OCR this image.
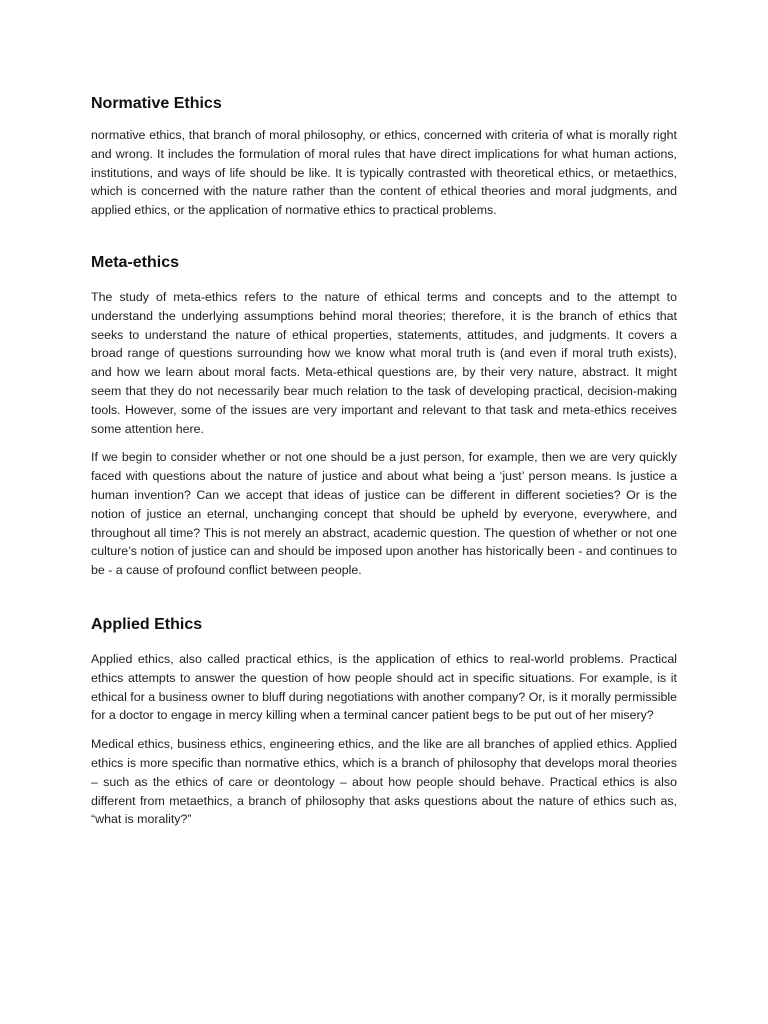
Normative Ethics

normative ethics, that branch of moral philosophy, or ethics, concerned with criteria of what is morally right and wrong. It includes the formulation of moral rules that have direct implications for what human actions, institutions, and ways of life should be like. It is typically contrasted with theoretical ethics, or metaethics, which is concerned with the nature rather than the content of ethical theories and moral judgments, and applied ethics, or the application of normative ethics to practical problems.

Meta-ethics

The study of meta-ethics refers to the nature of ethical terms and concepts and to the attempt to understand the underlying assumptions behind moral theories; therefore, it is the branch of ethics that seeks to understand the nature of ethical properties, statements, attitudes, and judgments. It covers a broad range of questions surrounding how we know what moral truth is (and even if moral truth exists), and how we learn about moral facts. Meta-ethical questions are, by their very nature, abstract. It might seem that they do not necessarily bear much relation to the task of developing practical, decision-making tools. However, some of the issues are very important and relevant to that task and meta-ethics receives some attention here.

If we begin to consider whether or not one should be a just person, for example, then we are very quickly faced with questions about the nature of justice and about what being a ‘just’ person means. Is justice a human invention? Can we accept that ideas of justice can be different in different societies? Or is the notion of justice an eternal, unchanging concept that should be upheld by everyone, everywhere, and throughout all time? This is not merely an abstract, academic question. The question of whether or not one culture’s notion of justice can and should be imposed upon another has historically been - and continues to be - a cause of profound conflict between people.

Applied Ethics

Applied ethics, also called practical ethics, is the application of ethics to real-world problems. Practical ethics attempts to answer the question of how people should act in specific situations. For example, is it ethical for a business owner to bluff during negotiations with another company? Or, is it morally permissible for a doctor to engage in mercy killing when a terminal cancer patient begs to be put out of her misery?

Medical ethics, business ethics, engineering ethics, and the like are all branches of applied ethics. Applied ethics is more specific than normative ethics, which is a branch of philosophy that develops moral theories – such as the ethics of care or deontology – about how people should behave. Practical ethics is also different from metaethics, a branch of philosophy that asks questions about the nature of ethics such as, “what is morality?”
